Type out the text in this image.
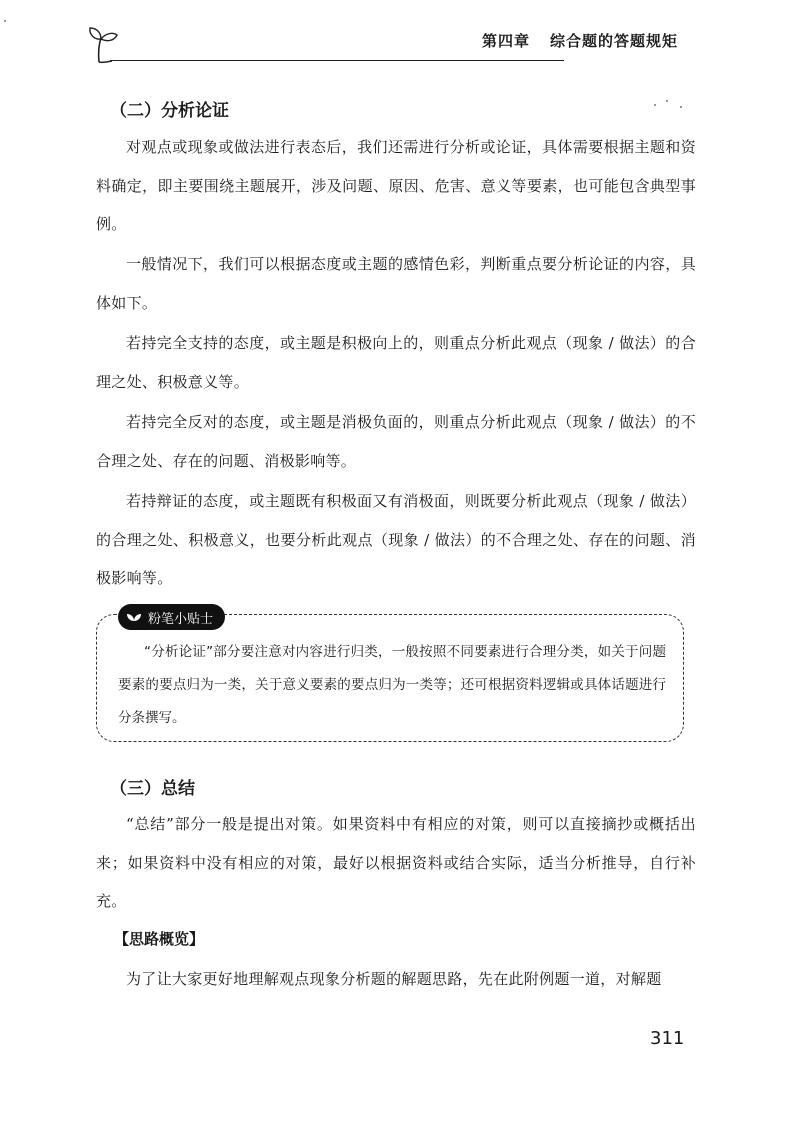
第四章 综合题的答题规矩
（二）分析论证

对观点或现象或做法进行表态后，我们还需进行分析或论证，具体需要根据主题和资料确定，即主要围绕主题展开，涉及问题、原因、危害、意义等要素，也可能包含典型事例。

一般情况下，我们可以根据态度或主题的感情色彩，判断重点要分析论证的内容，具体如下。

若持完全支持的态度，或主题是积极向上的，则重点分析此观点（现象 / 做法）的合理之处、积极意义等。

若持完全反对的态度，或主题是消极负面的，则重点分析此观点（现象 / 做法）的不合理之处、存在的问题、消极影响等。

若持辩证的态度，或主题既有积极面又有消极面，则既要分析此观点（现象 / 做法）的合理之处、积极意义，也要分析此观点（现象 / 做法）的不合理之处、存在的问题、消极影响等。

粉笔小贴士

“分析论证”部分要注意对内容进行归类，一般按照不同要素进行合理分类，如关于问题要素的要点归为一类，关于意义要素的要点归为一类等；还可根据资料逻辑或具体话题进行分条撰写。

（三）总结

“总结”部分一般是提出对策。如果资料中有相应的对策，则可以直接摘抄或概括出来；如果资料中没有相应的对策，最好以根据资料或结合实际，适当分析推导，自行补充。

【思路概览】

为了让大家更好地理解观点现象分析题的解题思路，先在此附例题一道，对解题

311
